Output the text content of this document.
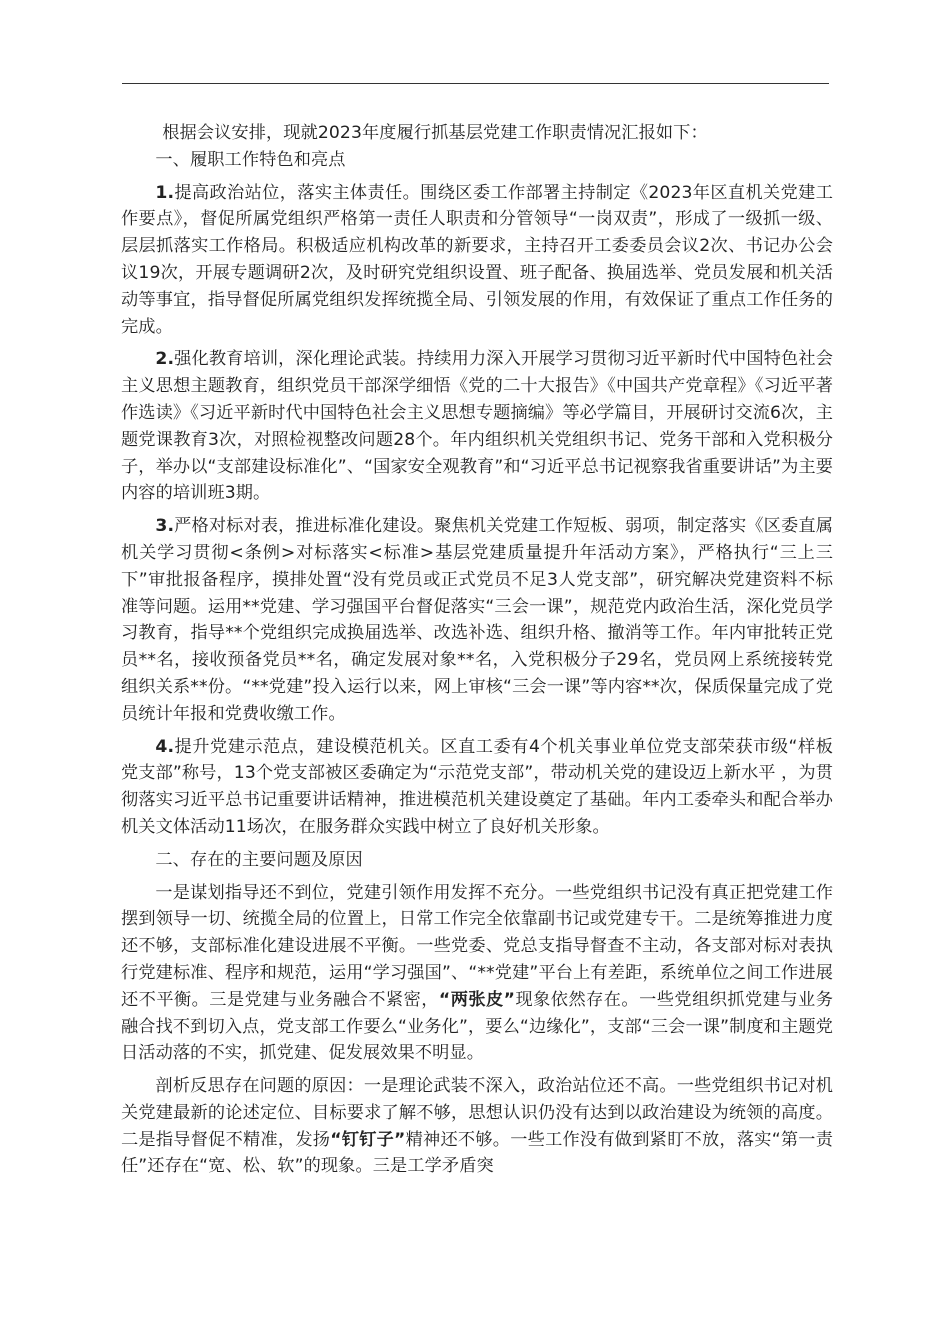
根据会议安排，现就2023年度履行抓基层党建工作职责情况汇报如下：

一、履职工作特色和亮点

1.提高政治站位，落实主体责任。围绕区委工作部署主持制定《2023年区直机关党建工作要点》，督促所属党组织严格第一责任人职责和分管领导“一岗双责”，形成了一级抓一级、层层抓落实工作格局。积极适应机构改革的新要求，主持召开工委委员会议2次、书记办公会议19次，开展专题调研2次，及时研究党组织设置、班子配备、换届选举、党员发展和机关活动等事宜，指导督促所属党组织发挥统揽全局、引领发展的作用，有效保证了重点工作任务的完成。

2.强化教育培训，深化理论武装。持续用力深入开展学习贯彻习近平新时代中国特色社会主义思想主题教育，组织党员干部深学细悟《党的二十大报告》《中国共产党章程》《习近平著作选读》《习近平新时代中国特色社会主义思想专题摘编》等必学篇目，开展研讨交流6次，主题党课教育3次，对照检视整改问题28个。年内组织机关党组织书记、党务干部和入党积极分子，举办以“支部建设标准化”、“国家安全观教育”和“习近平总书记视察我省重要讲话”为主要内容的培训班3期。

3.严格对标对表，推进标准化建设。聚焦机关党建工作短板、弱项，制定落实《区委直属机关学习贯彻<条例>对标落实<标准>基层党建质量提升年活动方案》，严格执行“三上三下”审批报备程序，摸排处置“没有党员或正式党员不足3人党支部”，研究解决党建资料不标准等问题。运用**党建、学习强国平台督促落实“三会一课”，规范党内政治生活，深化党员学习教育，指导**个党组织完成换届选举、改选补选、组织升格、撤消等工作。年内审批转正党员**名，接收预备党员**名，确定发展对象**名，入党积极分子29名，党员网上系统接转党组织关系**份。“**党建”投入运行以来，网上审核“三会一课”等内容**次，保质保量完成了党员统计年报和党费收缴工作。

4.提升党建示范点，建设模范机关。区直工委有4个机关事业单位党支部荣获市级“样板党支部”称号，13个党支部被区委确定为“示范党支部”，带动机关党的建设迈上新水平 ，为贯彻落实习近平总书记重要讲话精神，推进模范机关建设奠定了基础。年内工委牵头和配合举办机关文体活动11场次，在服务群众实践中树立了良好机关形象。

二、存在的主要问题及原因

一是谋划指导还不到位，党建引领作用发挥不充分。一些党组织书记没有真正把党建工作摆到领导一切、统揽全局的位置上，日常工作完全依靠副书记或党建专干。二是统筹推进力度还不够，支部标准化建设进展不平衡。一些党委、党总支指导督查不主动，各支部对标对表执行党建标准、程序和规范，运用“学习强国”、“**党建”平台上有差距，系统单位之间工作进展还不平衡。三是党建与业务融合不紧密，“两张皮”现象依然存在。一些党组织抓党建与业务融合找不到切入点，党支部工作要么“业务化”，要么“边缘化”，支部“三会一课”制度和主题党日活动落的不实，抓党建、促发展效果不明显。

剖析反思存在问题的原因：一是理论武装不深入，政治站位还不高。一些党组织书记对机关党建最新的论述定位、目标要求了解不够，思想认识仍没有达到以政治建设为统领的高度。二是指导督促不精准，发扬“钉钉子”精神还不够。一些工作没有做到紧盯不放，落实“第一责任”还存在“宽、松、软”的现象。三是工学矛盾突
